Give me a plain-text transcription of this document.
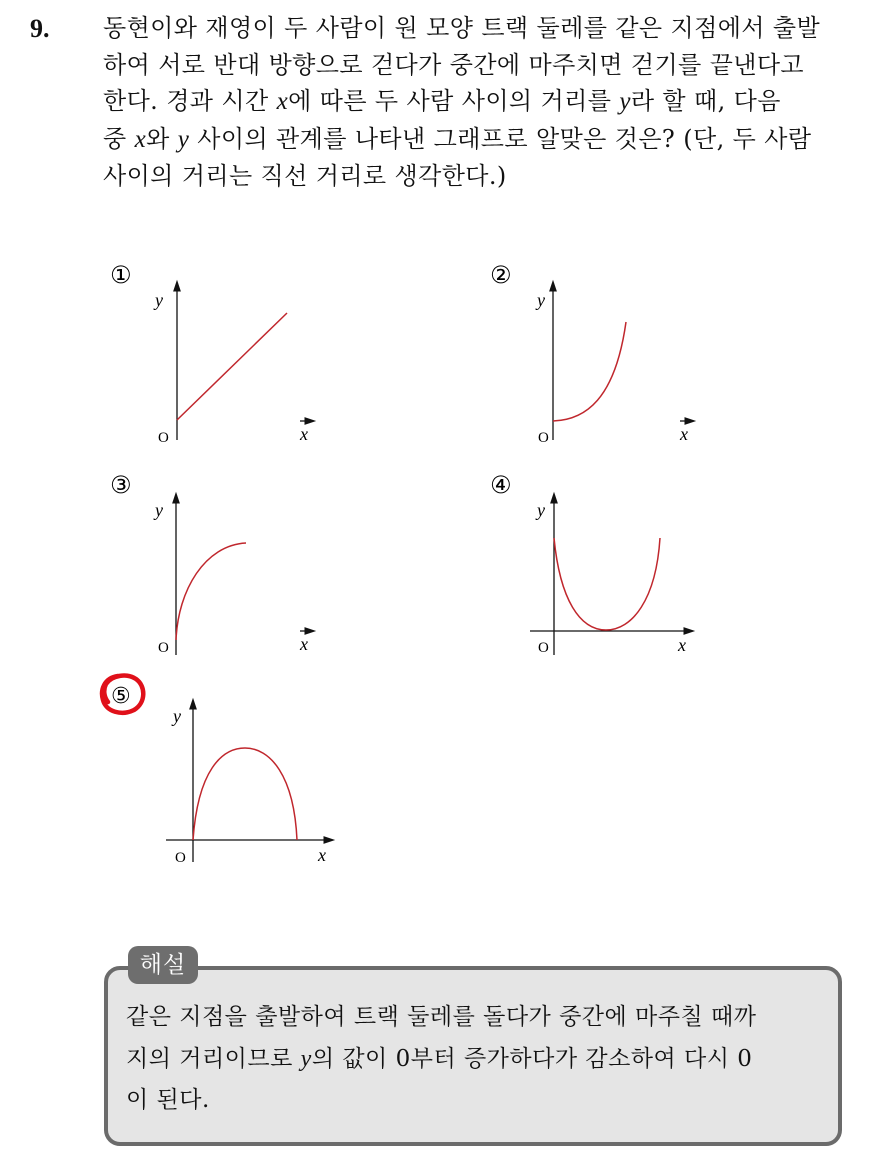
9. 동현이와 재영이 두 사람이 원 모양 트랙 둘레를 같은 지점에서 출발
하여 서로 반대 방향으로 걷다가 중간에 마주치면 걷기를 끝낸다고
한다. 경과 시간 x에 따른 두 사람 사이의 거리를 y라 할 때, 다음
중 x와 y 사이의 관계를 나타낸 그래프로 알맞은 것은? (단, 두 사람
사이의 거리는 직선 거리로 생각한다.)
①
y
O	x
②
y
O	x
③
y
O	x
④
y
O	x
⑤
y
O	x
해설
같은 지점을 출발하여 트랙 둘레를 돌다가 중간에 마주칠 때까
지의 거리이므로 y의 값이 0부터 증가하다가 감소하여 다시 0
이 된다.
